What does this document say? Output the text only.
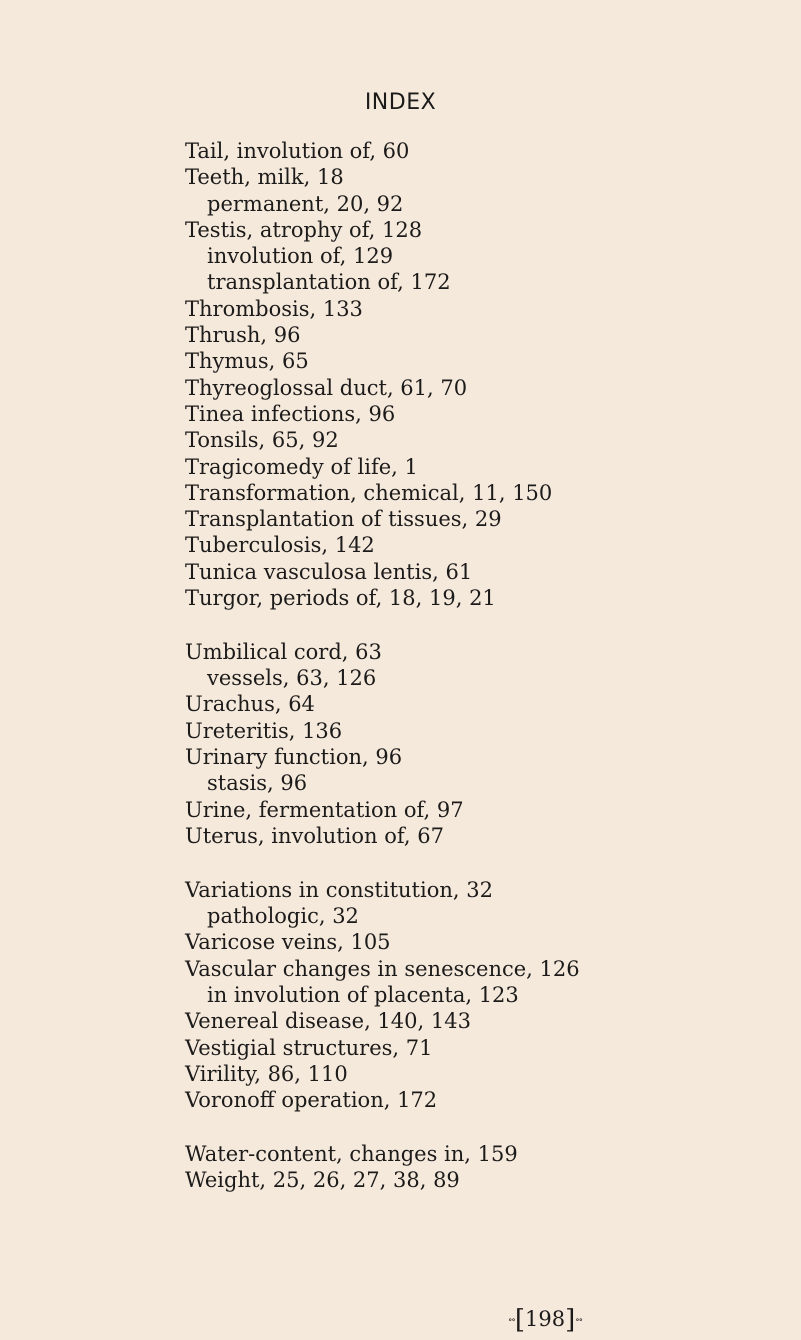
INDEX
Tail, involution of, 60
Teeth, milk, 18
permanent, 20, 92
Testis, atrophy of, 128
involution of, 129
transplantation of, 172
Thrombosis, 133
Thrush, 96
Thymus, 65
Thyreoglossal duct, 61, 70
Tinea infections, 96
Tonsils, 65, 92
Tragicomedy of life, 1
Transformation, chemical, 11, 150
Transplantation of tissues, 29
Tuberculosis, 142
Tunica vasculosa lentis, 61
Turgor, periods of, 18, 19, 21
Umbilical cord, 63
vessels, 63, 126
Urachus, 64
Ureteritis, 136
Urinary function, 96
stasis, 96
Urine, fermentation of, 97
Uterus, involution of, 67
Variations in constitution, 32
pathologic, 32
Varicose veins, 105
Vascular changes in senescence, 126
in involution of placenta, 123
Venereal disease, 140, 143
Vestigial structures, 71
Virility, 86, 110
Voronoff operation, 172
Water-content, changes in, 159
Weight, 25, 26, 27, 38, 89
∘∘[198]∘∘
